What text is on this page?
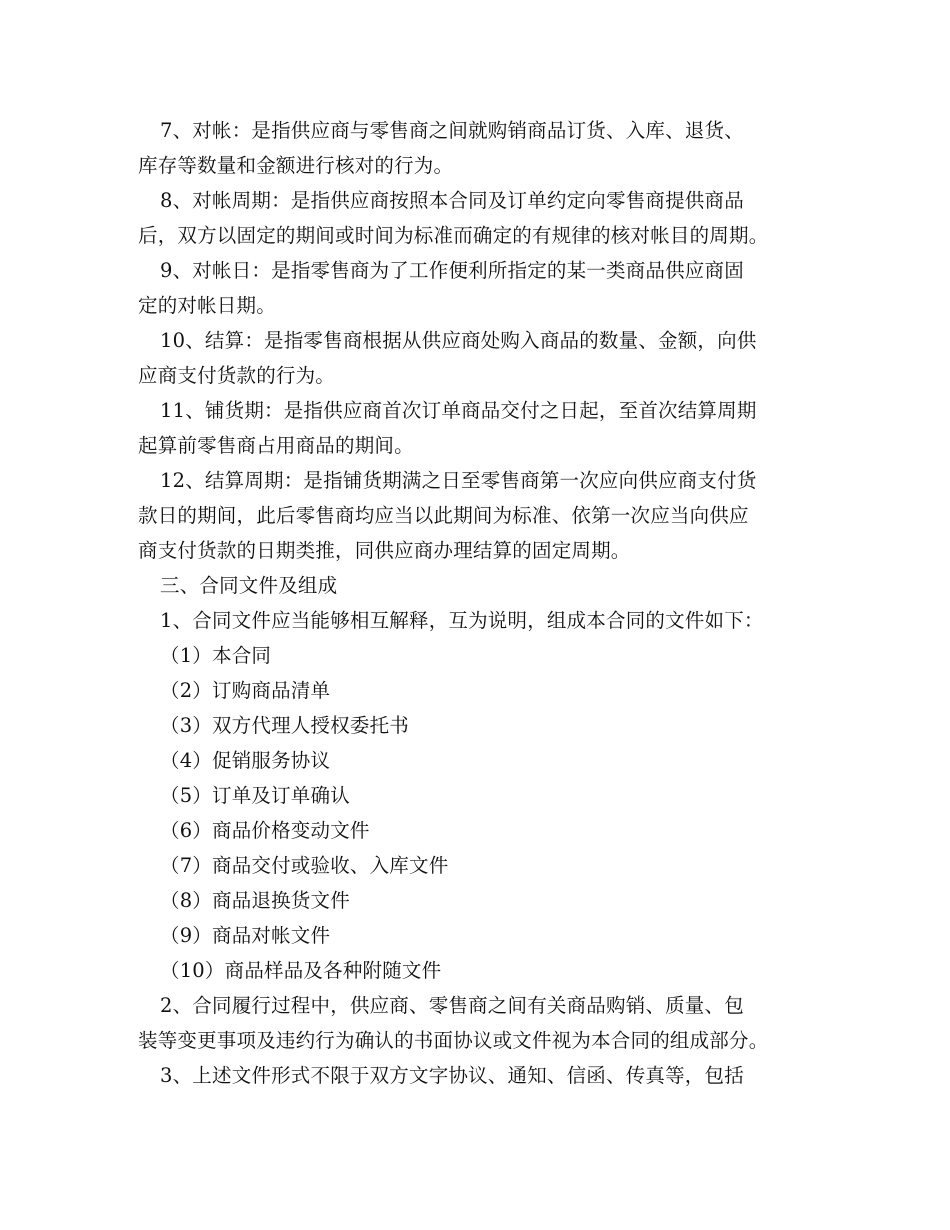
7、对帐：是指供应商与零售商之间就购销商品订货、入库、退货、
库存等数量和金额进行核对的行为。
8、对帐周期：是指供应商按照本合同及订单约定向零售商提供商品
后，双方以固定的期间或时间为标准而确定的有规律的核对帐目的周期。
9、对帐日：是指零售商为了工作便利所指定的某一类商品供应商固
定的对帐日期。
10、结算：是指零售商根据从供应商处购入商品的数量、金额，向供
应商支付货款的行为。
11、铺货期：是指供应商首次订单商品交付之日起，至首次结算周期
起算前零售商占用商品的期间。
12、结算周期：是指铺货期满之日至零售商第一次应向供应商支付货
款日的期间，此后零售商均应当以此期间为标准、依第一次应当向供应
商支付货款的日期类推，同供应商办理结算的固定周期。
三、合同文件及组成
1、合同文件应当能够相互解释，互为说明，组成本合同的文件如下：
（1）本合同
（2）订购商品清单
（3）双方代理人授权委托书
（4）促销服务协议
（5）订单及订单确认
（6）商品价格变动文件
（7）商品交付或验收、入库文件
（8）商品退换货文件
（9）商品对帐文件
（10）商品样品及各种附随文件
2、合同履行过程中，供应商、零售商之间有关商品购销、质量、包
装等变更事项及违约行为确认的书面协议或文件视为本合同的组成部分。
3、上述文件形式不限于双方文字协议、通知、信函、传真等，包括
